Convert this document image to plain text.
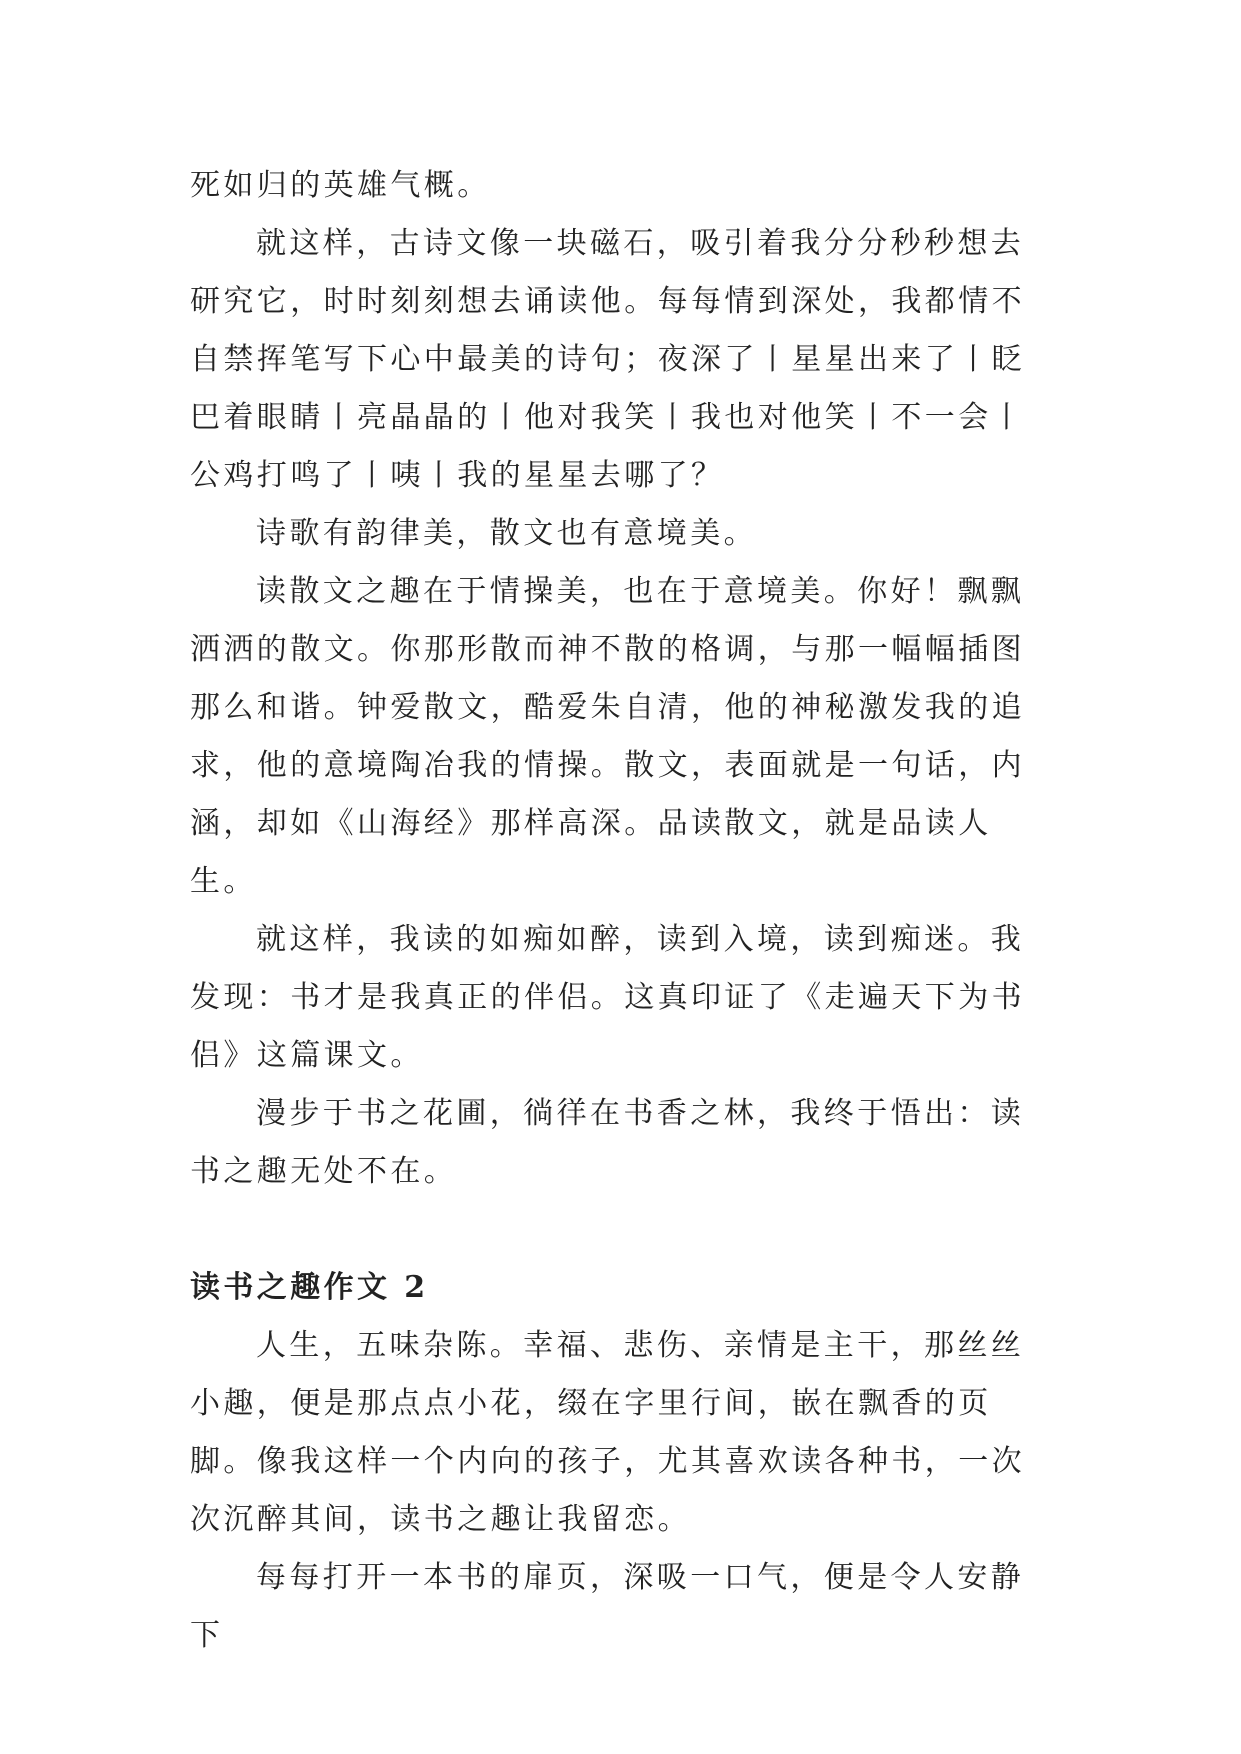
死如归的英雄气概。

就这样，古诗文像一块磁石，吸引着我分分秒秒想去研究它，时时刻刻想去诵读他。每每情到深处，我都情不自禁挥笔写下心中最美的诗句；夜深了丨星星出来了丨眨巴着眼睛丨亮晶晶的丨他对我笑丨我也对他笑丨不一会丨公鸡打鸣了丨咦丨我的星星去哪了？

诗歌有韵律美，散文也有意境美。

读散文之趣在于情操美，也在于意境美。你好！飘飘洒洒的散文。你那形散而神不散的格调，与那一幅幅插图那么和谐。钟爱散文，酷爱朱自清，他的神秘激发我的追求，他的意境陶冶我的情操。散文，表面就是一句话，内涵，却如《山海经》那样高深。品读散文，就是品读人生。

就这样，我读的如痴如醉，读到入境，读到痴迷。我发现：书才是我真正的伴侣。这真印证了《走遍天下为书侣》这篇课文。

漫步于书之花圃，徜徉在书香之林，我终于悟出：读书之趣无处不在。

读书之趣作文 2

人生，五味杂陈。幸福、悲伤、亲情是主干，那丝丝小趣，便是那点点小花，缀在字里行间，嵌在飘香的页脚。像我这样一个内向的孩子，尤其喜欢读各种书，一次次沉醉其间，读书之趣让我留恋。

每每打开一本书的扉页，深吸一口气，便是令人安静下
